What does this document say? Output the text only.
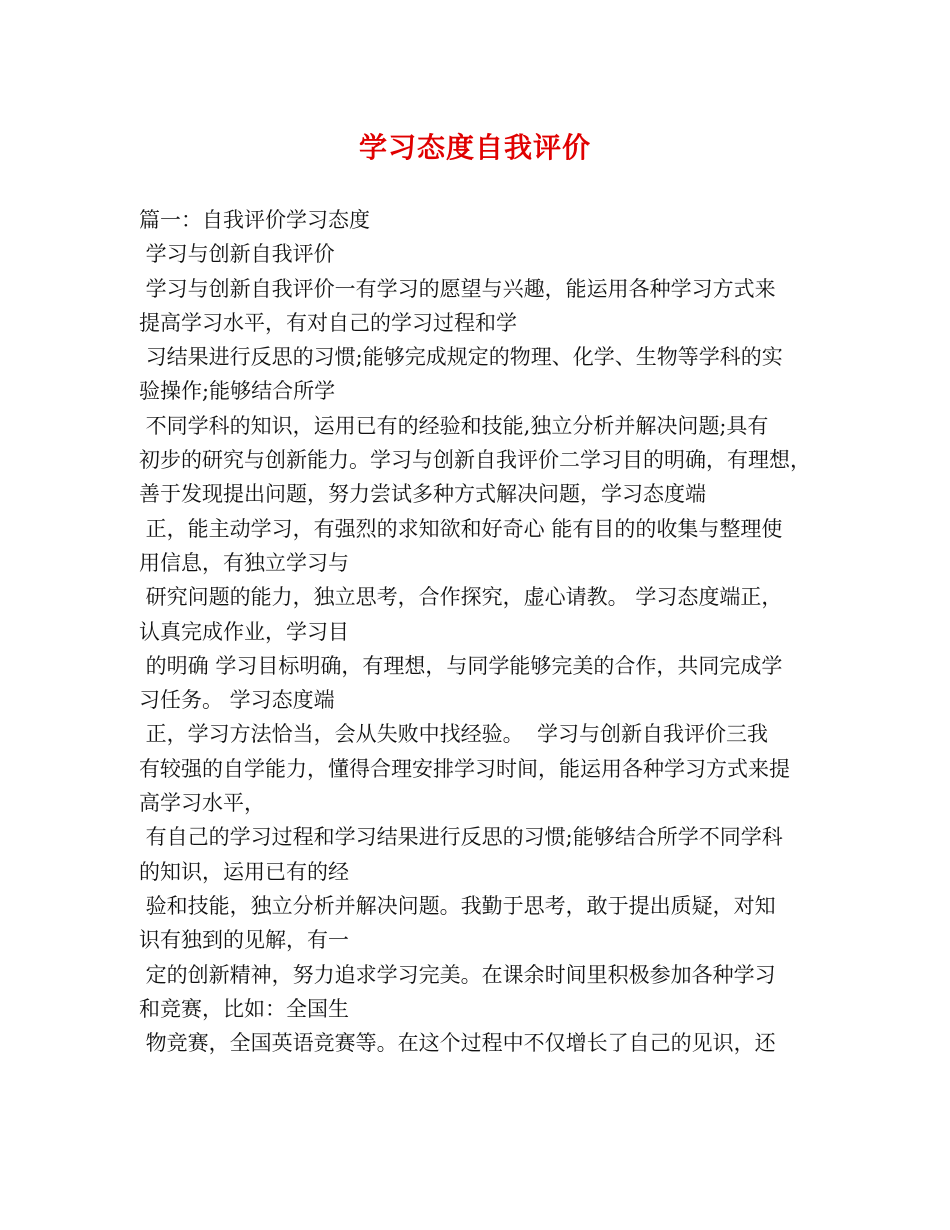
学习态度自我评价
篇一：自我评价学习态度
学习与创新自我评价
学习与创新自我评价一有学习的愿望与兴趣，能运用各种学习方式来
提高学习水平，有对自己的学习过程和学
习结果进行反思的习惯;能够完成规定的物理、化学、生物等学科的实
验操作;能够结合所学
不同学科的知识，运用已有的经验和技能,独立分析并解决问题;具有
初步的研究与创新能力。学习与创新自我评价二学习目的明确，有理想，
善于发现提出问题，努力尝试多种方式解决问题，学习态度端
正，能主动学习，有强烈的求知欲和好奇心 能有目的的收集与整理使
用信息，有独立学习与
研究问题的能力，独立思考，合作探究，虚心请教。 学习态度端正，
认真完成作业，学习目
的明确 学习目标明确，有理想，与同学能够完美的合作，共同完成学
习任务。 学习态度端
正，学习方法恰当，会从失败中找经验。  学习与创新自我评价三我
有较强的自学能力，懂得合理安排学习时间，能运用各种学习方式来提
高学习水平，
有自己的学习过程和学习结果进行反思的习惯;能够结合所学不同学科
的知识，运用已有的经
验和技能，独立分析并解决问题。我勤于思考，敢于提出质疑，对知
识有独到的见解，有一
定的创新精神，努力追求学习完美。在课余时间里积极参加各种学习
和竞赛，比如：全国生
物竞赛，全国英语竞赛等。在这个过程中不仅增长了自己的见识，还
